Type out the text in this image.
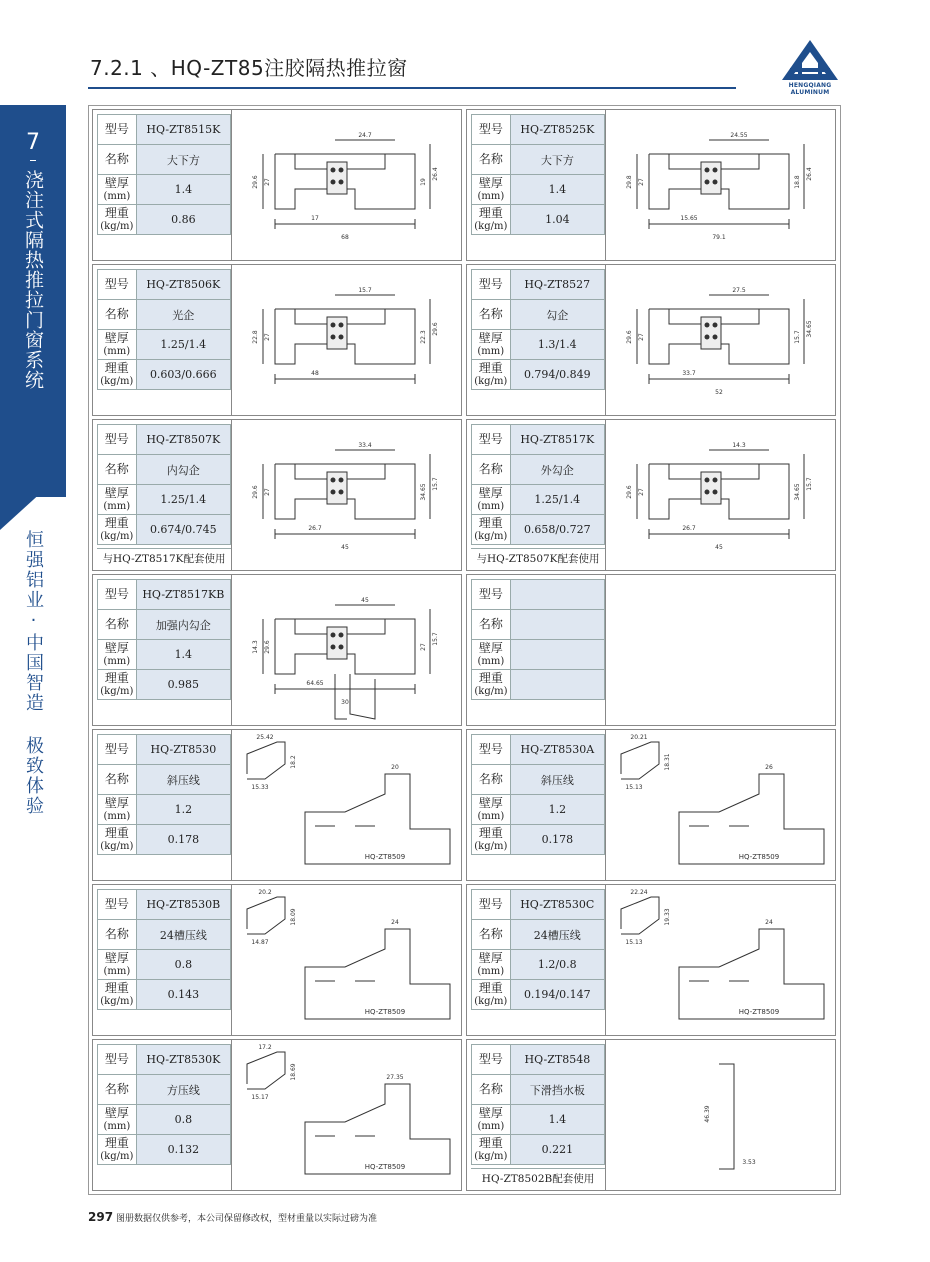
7.2.1 、HQ-ZT85注胶隔热推拉窗
HENGQIANG ALUMINUM
7
浇注式隔热推拉门窗系统
恒强铝业·中国智造 极致体验
型号	HQ-ZT8515K
名称	大下方

壁厚
(mm)	1.4

理重
(kg/m)	0.86
24.7
29.6 27	19
26.4
17
68
型号	HQ-ZT8525K
名称	大下方

壁厚
(mm)	1.4

理重
(kg/m)	1.04
24.55
29.8 27	18.8
26.4
15.65
79.1
型号	HQ-ZT8506K
名称	光企

壁厚
(mm)	1.25/1.4

理重
(kg/m)	0.603/0.666
15.7
22.8 27	22.3
29.6
48
型号	HQ-ZT8527
名称	勾企

壁厚
(mm)	1.3/1.4

理重
(kg/m)	0.794/0.849
27.5
29.6 27	15.7 34.65
33.7
52
型号	HQ-ZT8507K
名称	内勾企

壁厚
(mm)	1.25/1.4

理重
(kg/m)	0.674/0.745
与HQ-ZT8517K配套使用
33.4
29.6 27	34.65 15.7
26.7
45
型号	HQ-ZT8517K
名称	外勾企

壁厚
(mm)	1.25/1.4

理重
(kg/m)	0.658/0.727
与HQ-ZT8507K配套使用
14.3
29.6 27	34.65 15.7
26.7
45
型号	HQ-ZT8517KB
名称	加强内勾企

壁厚
(mm)	1.4

理重
(kg/m)	0.985
45
14.3 29.6	27
15.7
64.65
30
型号	
名称	

壁厚
(mm)	

理重
(kg/m)	

型号	HQ-ZT8530
名称	斜压线

壁厚
(mm)	1.2

理重
(kg/m)	0.178
HQ-ZT8509
25.42
18.2
15.33
20
型号	HQ-ZT8530A
名称	斜压线

壁厚
(mm)	1.2

理重
(kg/m)	0.178
HQ-ZT8509
20.21
18.31
15.13
26
型号	HQ-ZT8530B
名称	24槽压线

壁厚
(mm)	0.8

理重
(kg/m)	0.143
HQ-ZT8509
20.2
18.09
14.87
24
型号	HQ-ZT8530C
名称	24槽压线

壁厚
(mm)	1.2/0.8

理重
(kg/m)	0.194/0.147
HQ-ZT8509
22.24
19.33
15.13
24
型号	HQ-ZT8530K
名称	方压线

壁厚
(mm)	0.8

理重
(kg/m)	0.132
HQ-ZT8509
17.2
18.69
15.17
27.35
型号	HQ-ZT8548
名称	下滑挡水板

壁厚
(mm)	1.4

理重
(kg/m)	0.221
HQ-ZT8502B配套使用
46.39
3.53
297 图册数据仅供参考，本公司保留修改权，型材重量以实际过磅为准
